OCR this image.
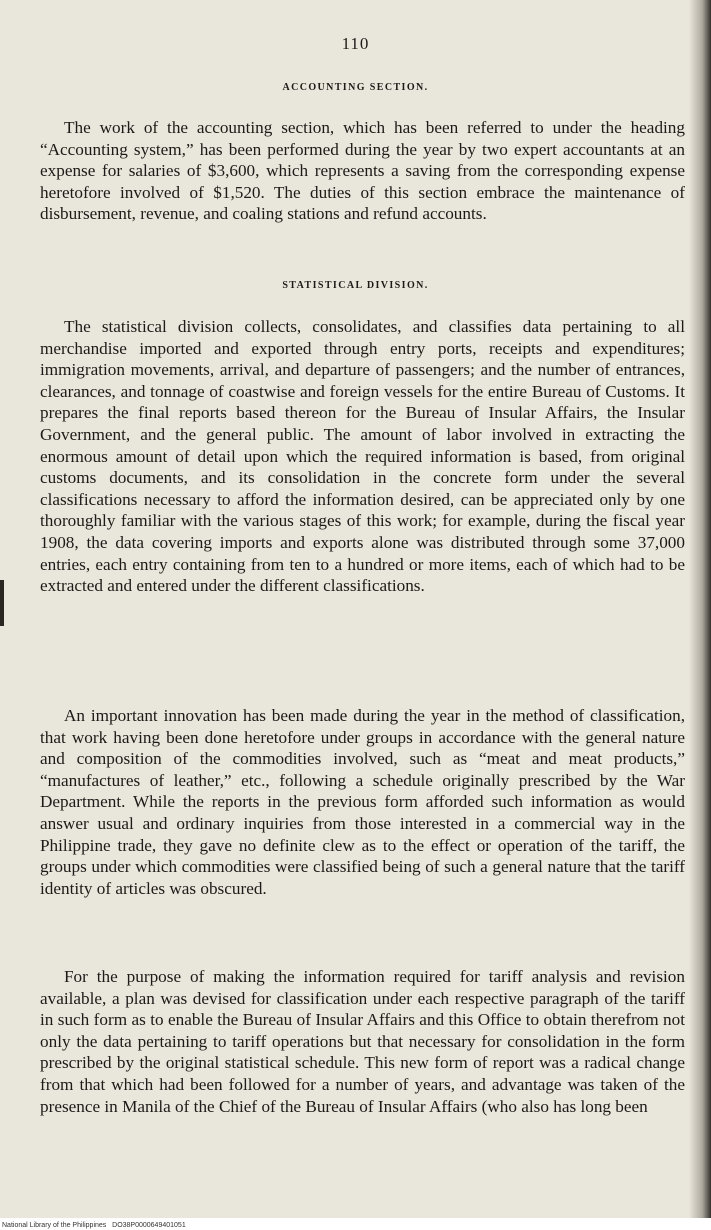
110
ACCOUNTING SECTION.

The work of the accounting section, which has been referred to under the heading “Accounting system,” has been performed during the year by two expert accountants at an expense for salaries of $3,600, which represents a saving from the corresponding expense heretofore involved of $1,520. The duties of this section embrace the maintenance of disbursement, revenue, and coaling stations and refund accounts.

STATISTICAL DIVISION.

The statistical division collects, consolidates, and classifies data pertaining to all merchandise imported and exported through entry ports, receipts and expenditures; immigration movements, arrival, and departure of passengers; and the number of entrances, clearances, and tonnage of coastwise and foreign vessels for the entire Bureau of Customs. It prepares the final reports based thereon for the Bureau of Insular Affairs, the Insular Government, and the general public. The amount of labor involved in extracting the enormous amount of detail upon which the required information is based, from original customs documents, and its consolidation in the concrete form under the several classifications necessary to afford the information desired, can be appreciated only by one thoroughly familiar with the various stages of this work; for example, during the fiscal year 1908, the data covering imports and exports alone was distributed through some 37,000 entries, each entry containing from ten to a hundred or more items, each of which had to be extracted and entered under the different classifications.

An important innovation has been made during the year in the method of classification, that work having been done heretofore under groups in accordance with the general nature and composition of the commodities involved, such as “meat and meat products,” “manufactures of leather,” etc., following a schedule originally prescribed by the War Department. While the reports in the previous form afforded such information as would answer usual and ordinary inquiries from those interested in a commercial way in the Philippine trade, they gave no definite clew as to the effect or operation of the tariff, the groups under which commodities were classified being of such a general nature that the tariff identity of articles was obscured.

For the purpose of making the information required for tariff analysis and revision available, a plan was devised for classification under each respective paragraph of the tariff in such form as to enable the Bureau of Insular Affairs and this Office to obtain therefrom not only the data pertaining to tariff operations but that necessary for consolidation in the form prescribed by the original statistical schedule. This new form of report was a radical change from that which had been followed for a number of years, and advantage was taken of the presence in Manila of the Chief of the Bureau of Insular Affairs (who also has long been

National Library of the Philippines DO38P0000649401051
